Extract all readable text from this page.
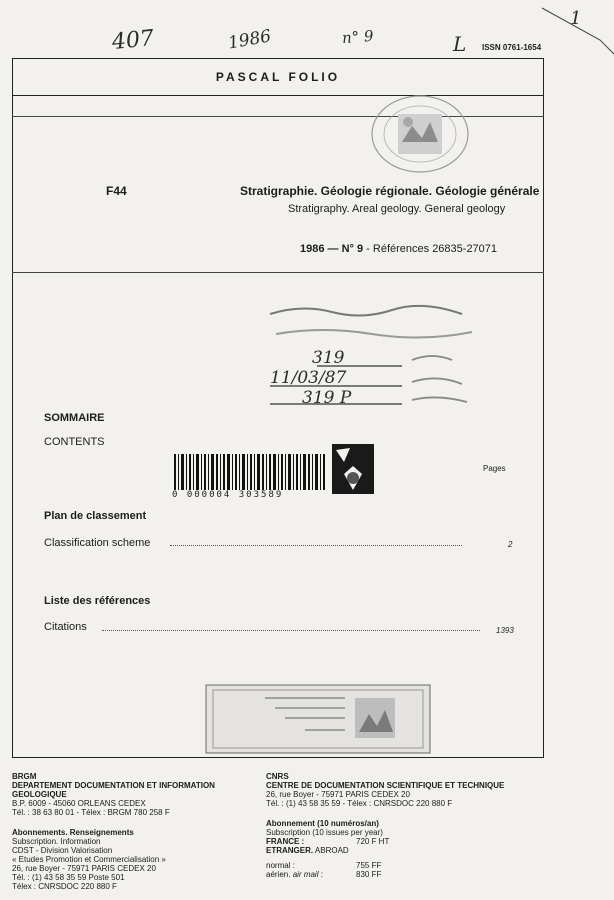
407	1986	n° 9	L
1
ISSN 0761-1654
PASCAL FOLIO
F44	Stratigraphie. Géologie régionale. Géologie générale
Stratigraphy. Areal geology. General geology
1986 — N° 9 - Références 26835-27071
319
11/03/87
319 P
SOMMAIRE
CONTENTS
Pages
0 000004 303589
Plan de classement
Classification scheme	2
Liste des références
Citations	1393
BRGM
DEPARTEMENT DOCUMENTATION ET INFORMATION GEOLOGIQUE
B.P. 6009 - 45060 ORLEANS CEDEX
Tél. : 38 63 80 01 - Télex : BRGM 780 258 F
Abonnements. Renseignements
Subscription. Information
CDST - Division Valorisation
« Etudes Promotion et Commercialisation »
26, rue Boyer - 75971 PARIS CEDEX 20
Tél. : (1) 43 58 35 59 Poste 501
Télex : CNRSDOC 220 880 F
CNRS
CENTRE DE DOCUMENTATION SCIENTIFIQUE ET TECHNIQUE
26, rue Boyer - 75971 PARIS CEDEX 20
Tél. : (1) 43 58 35 59 - Télex : CNRSDOC 220 880 F
Abonnement (10 numéros/an)
Subscription (10 issues per year)
FRANCE :	720 F HT
ETRANGER. ABROAD
normal :	755 FF
aérien. air mail :	830 FF
